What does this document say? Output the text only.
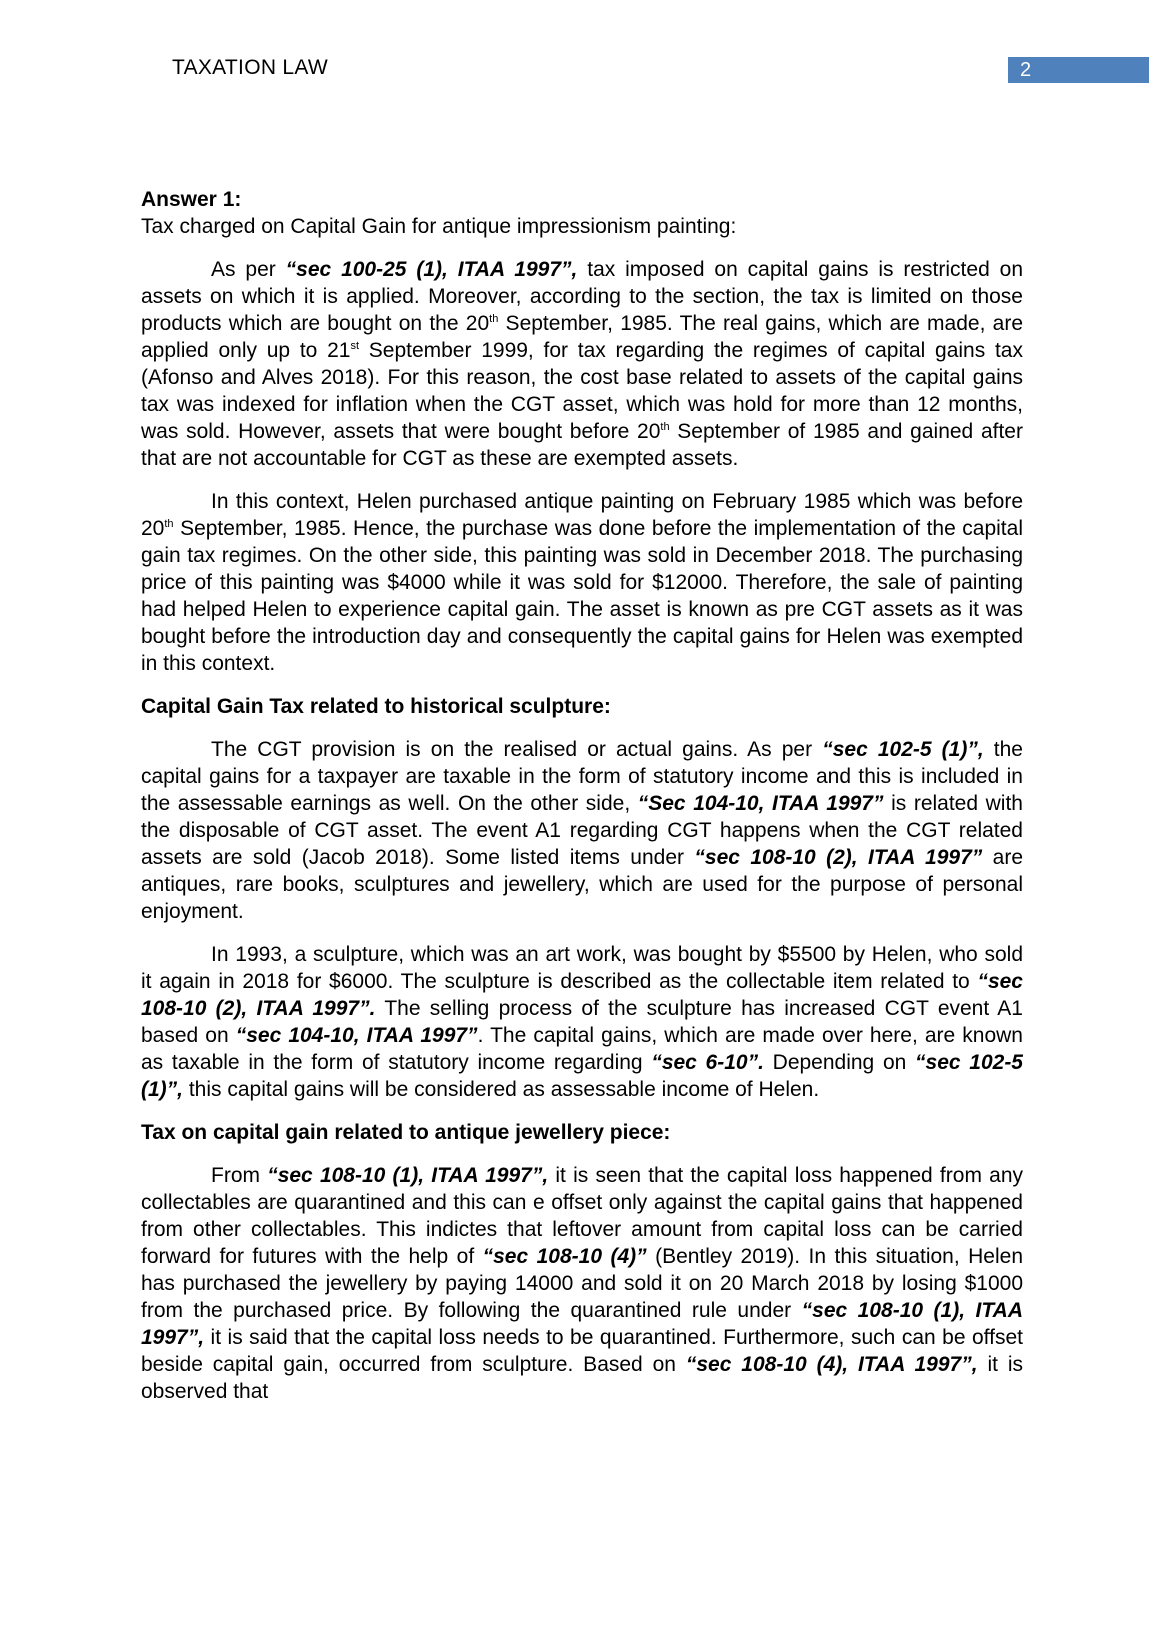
TAXATION LAW	2

Answer 1:

Tax charged on Capital Gain for antique impressionism painting:

As per “sec 100-25 (1), ITAA 1997”, tax imposed on capital gains is restricted on assets on which it is applied. Moreover, according to the section, the tax is limited on those products which are bought on the 20th September, 1985. The real gains, which are made, are applied only up to 21st September 1999, for tax regarding the regimes of capital gains tax (Afonso and Alves 2018). For this reason, the cost base related to assets of the capital gains tax was indexed for inflation when the CGT asset, which was hold for more than 12 months, was sold. However, assets that were bought before 20th September of 1985 and gained after that are not accountable for CGT as these are exempted assets.

In this context, Helen purchased antique painting on February 1985 which was before 20th September, 1985. Hence, the purchase was done before the implementation of the capital gain tax regimes. On the other side, this painting was sold in December 2018. The purchasing price of this painting was $4000 while it was sold for $12000. Therefore, the sale of painting had helped Helen to experience capital gain. The asset is known as pre CGT assets as it was bought before the introduction day and consequently the capital gains for Helen was exempted in this context.

Capital Gain Tax related to historical sculpture:

The CGT provision is on the realised or actual gains. As per “sec 102-5 (1)”, the capital gains for a taxpayer are taxable in the form of statutory income and this is included in the assessable earnings as well. On the other side, “Sec 104-10, ITAA 1997” is related with the disposable of CGT asset. The event A1 regarding CGT happens when the CGT related assets are sold (Jacob 2018). Some listed items under “sec 108-10 (2), ITAA 1997” are antiques, rare books, sculptures and jewellery, which are used for the purpose of personal enjoyment.

In 1993, a sculpture, which was an art work, was bought by $5500 by Helen, who sold it again in 2018 for $6000. The sculpture is described as the collectable item related to “sec 108-10 (2), ITAA 1997”. The selling process of the sculpture has increased CGT event A1 based on “sec 104-10, ITAA 1997”. The capital gains, which are made over here, are known as taxable in the form of statutory income regarding “sec 6-10”. Depending on “sec 102-5 (1)”, this capital gains will be considered as assessable income of Helen.

Tax on capital gain related to antique jewellery piece:

From “sec 108-10 (1), ITAA 1997”, it is seen that the capital loss happened from any collectables are quarantined and this can e offset only against the capital gains that happened from other collectables. This indictes that leftover amount from capital loss can be carried forward for futures with the help of “sec 108-10 (4)” (Bentley 2019). In this situation, Helen has purchased the jewellery by paying 14000 and sold it on 20 March 2018 by losing $1000 from the purchased price. By following the quarantined rule under “sec 108-10 (1), ITAA 1997”, it is said that the capital loss needs to be quarantined. Furthermore, such can be offset beside capital gain, occurred from sculpture. Based on “sec 108-10 (4), ITAA 1997”, it is observed that
